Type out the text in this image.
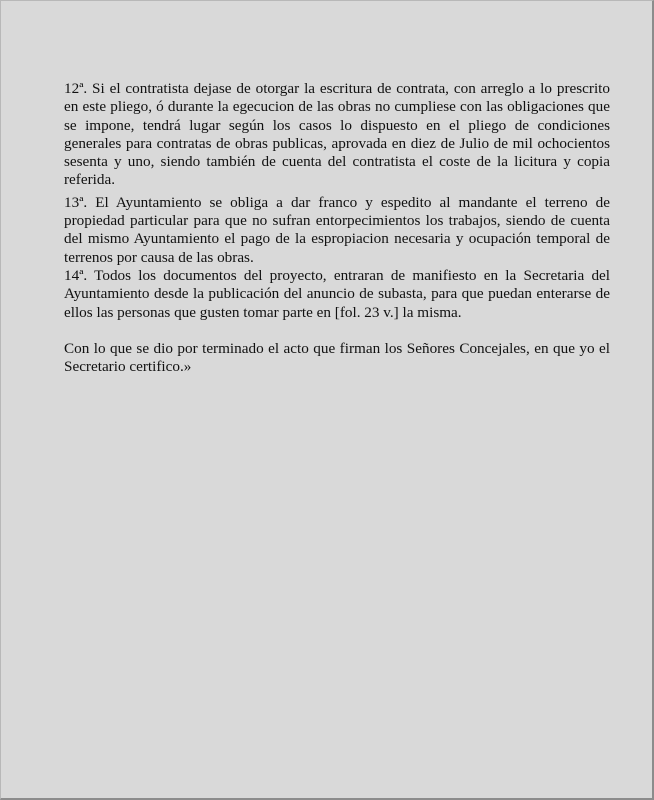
12ª. Si el contratista dejase de otorgar la escritura de contrata, con arreglo a lo prescrito en este pliego, ó durante la egecucion de las obras no cumpliese con las obligaciones que se impone, tendrá lugar según los casos lo dispuesto en el pliego de condiciones generales para contratas de obras publicas, aprovada en diez de Julio de mil ochocientos sesenta y uno, siendo también de cuenta del contratista el coste de la licitura y copia referida.

13ª. El Ayuntamiento se obliga a dar franco y espedito al mandante el terreno de propiedad particular para que no sufran entorpecimientos los trabajos, siendo de cuenta del mismo Ayuntamiento el pago de la espropiacion necesaria y ocupación temporal de terrenos por causa de las obras.

14ª. Todos los documentos del proyecto, entraran de manifiesto en la Secretaria del Ayuntamiento desde la publicación del anuncio de subasta, para que puedan enterarse de ellos las personas que gusten tomar parte en [fol. 23 v.] la misma.

Con lo que se dio por terminado el acto que firman los Señores Concejales, en que yo el Secretario certifico.»
